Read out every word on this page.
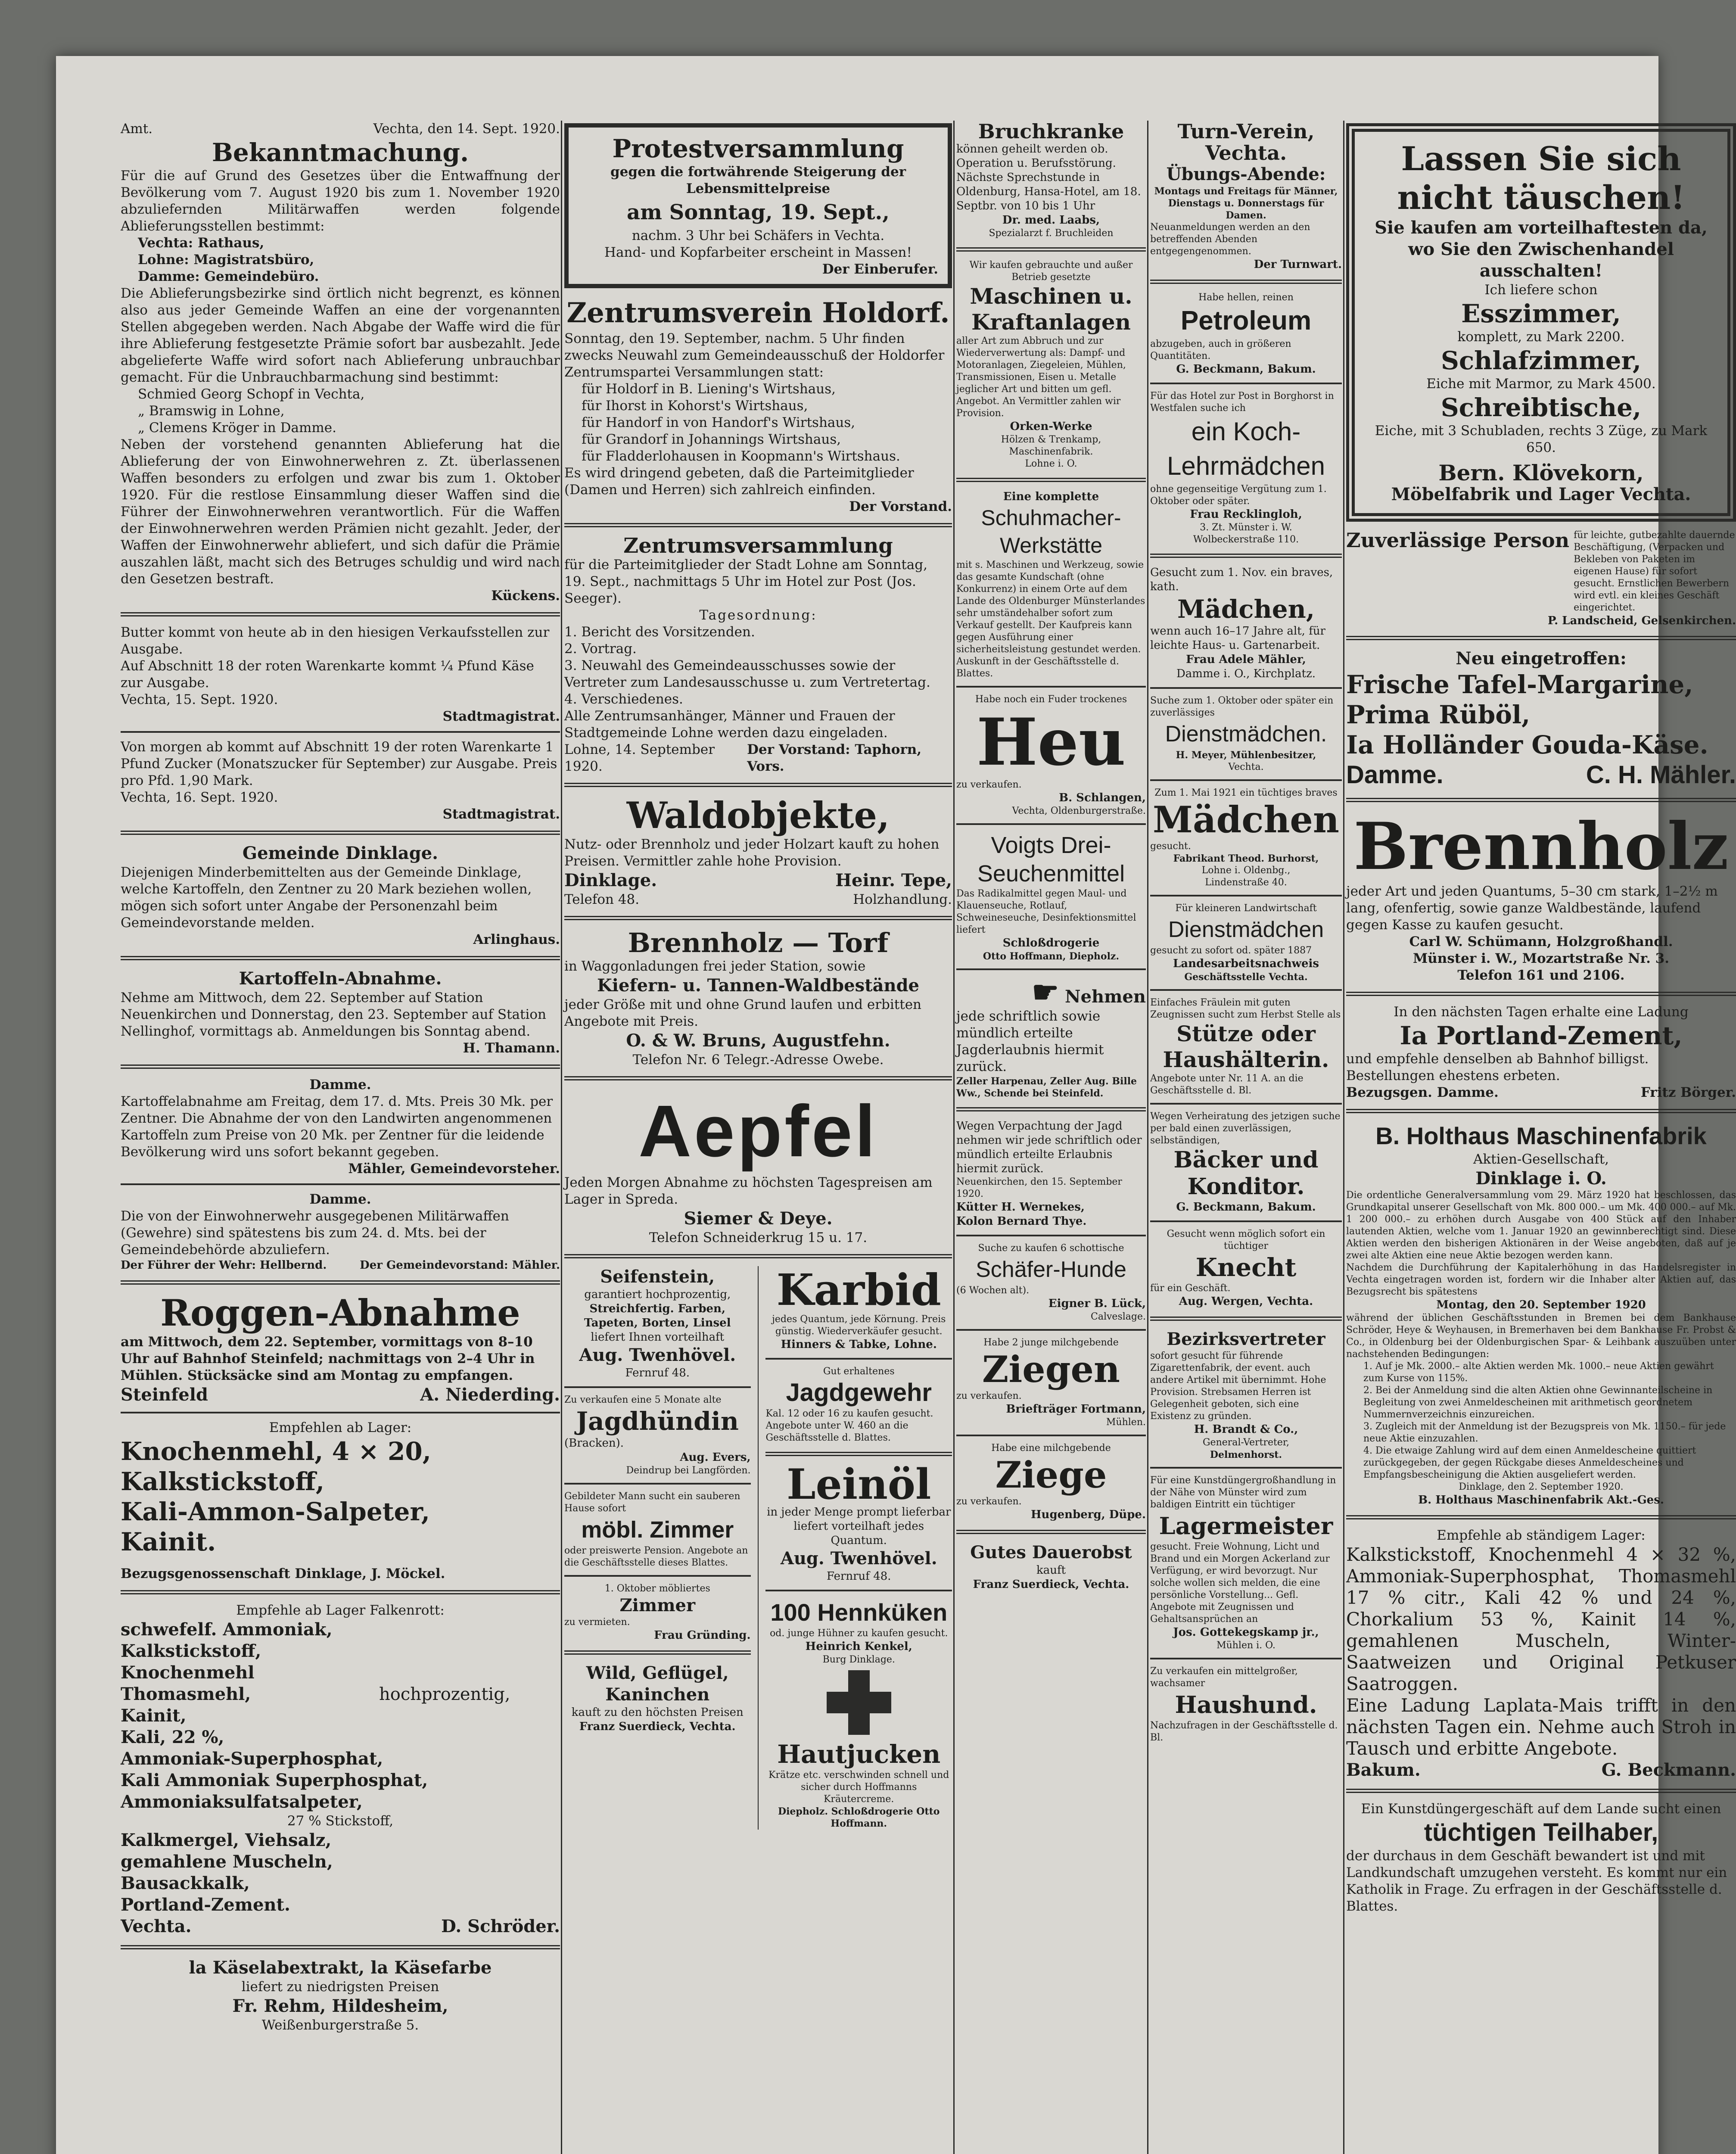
Amt.	Vechta, den 14. Sept. 1920.
Bekanntmachung.
Für die auf Grund des Gesetzes über die Entwaffnung der Bevölkerung vom 7. August 1920 bis zum 1. November 1920 abzuliefernden Militärwaffen werden folgende Ablieferungsstellen bestimmt:
Vechta: Rathaus,
Lohne: Magistratsbüro,
Damme: Gemeindebüro.
Die Ablieferungsbezirke sind örtlich nicht begrenzt, es können also aus jeder Gemeinde Waffen an eine der vorgenannten Stellen abgegeben werden. Nach Abgabe der Waffe wird die für ihre Ablieferung festgesetzte Prämie sofort bar ausbezahlt. Jede abgelieferte Waffe wird sofort nach Ablieferung unbrauchbar gemacht. Für die Unbrauchbarmachung sind bestimmt:
Schmied Georg Schopf in Vechta,
„ Bramswig in Lohne,
„ Clemens Kröger in Damme.
Neben der vorstehend genannten Ablieferung hat die Ablieferung der von Einwohnerwehren z. Zt. überlassenen Waffen besonders zu erfolgen und zwar bis zum 1. Oktober 1920. Für die restlose Einsammlung dieser Waffen sind die Führer der Einwohnerwehren verantwortlich. Für die Waffen der Einwohnerwehren werden Prämien nicht gezahlt. Jeder, der Waffen der Einwohnerwehr abliefert, und sich dafür die Prämie auszahlen läßt, macht sich des Betruges schuldig und wird nach den Gesetzen bestraft.
Kückens.
Butter kommt von heute ab in den hiesigen Verkaufsstellen zur Ausgabe.
Auf Abschnitt 18 der roten Warenkarte kommt ¼ Pfund Käse zur Ausgabe.
Vechta, 15. Sept. 1920.
Stadtmagistrat.
Von morgen ab kommt auf Abschnitt 19 der roten Warenkarte 1 Pfund Zucker (Monatszucker für September) zur Ausgabe. Preis pro Pfd. 1,90 Mark.
Vechta, 16. Sept. 1920.
Stadtmagistrat.
Gemeinde Dinklage.
Diejenigen Minderbemittelten aus der Gemeinde Dinklage, welche Kartoffeln, den Zentner zu 20 Mark beziehen wollen, mögen sich sofort unter Angabe der Personenzahl beim Gemeindevorstande melden.
Arlinghaus.
Kartoffeln-Abnahme.
Nehme am Mittwoch, dem 22. September auf Station Neuenkirchen und Donnerstag, den 23. September auf Station Nellinghof, vormittags ab. Anmeldungen bis Sonntag abend.
H. Thamann.
Damme.
Kartoffelabnahme am Freitag, dem 17. d. Mts. Preis 30 Mk. per Zentner. Die Abnahme der von den Landwirten angenommenen Kartoffeln zum Preise von 20 Mk. per Zentner für die leidende Bevölkerung wird uns sofort bekannt gegeben.
Mähler, Gemeindevorsteher.
Damme.
Die von der Einwohnerwehr ausgegebenen Militärwaffen (Gewehre) sind spätestens bis zum 24. d. Mts. bei der Gemeindebehörde abzuliefern.
Der Führer der Wehr: Hellbernd.	Der Gemeindevorstand: Mähler.
Roggen-Abnahme
am Mittwoch, dem 22. September, vormittags von 8–10 Uhr auf Bahnhof Steinfeld; nachmittags von 2–4 Uhr in Mühlen. Stücksäcke sind am Montag zu empfangen.
Steinfeld	A. Niederding.
Empfehlen ab Lager:
Knochenmehl, 4 × 20,
Kalkstickstoff,
Kali-Ammon-Salpeter,
Kainit.
Bezugsgenossenschaft Dinklage, J. Möckel.
Empfehle ab Lager Falkenrott:
schwefelf. Ammoniak,
Kalkstickstoff,
Knochenmehl
Thomasmehl,
Kainit,
Kali, 22 %,
Ammoniak-Superphosphat,
Kali Ammoniak Superphosphat,
Ammoniaksulfatsalpeter,
27 % Stickstoff,
Kalkmergel, Viehsalz,
gemahlene Muscheln,
Bausackkalk,
Portland-Zement.
hochprozentig,
Vechta.	D. Schröder.
la Käselabextrakt, la Käsefarbe
liefert zu niedrigsten Preisen
Fr. Rehm, Hildesheim,
Weißenburgerstraße 5.
Protestversammlung
gegen die fortwährende Steigerung der Lebensmittelpreise
am Sonntag, 19. Sept.,
nachm. 3 Uhr bei Schäfers in Vechta.
Hand- und Kopfarbeiter erscheint in Massen!
Der Einberufer.
Zentrumsverein Holdorf.
Sonntag, den 19. September, nachm. 5 Uhr finden zwecks Neuwahl zum Gemeindeausschuß der Holdorfer Zentrumspartei Versammlungen statt:
für Holdorf in B. Liening's Wirtshaus,
für Ihorst in Kohorst's Wirtshaus,
für Handorf in von Handorf's Wirtshaus,
für Grandorf in Johannings Wirtshaus,
für Fladderlohausen in Koopmann's Wirtshaus.
Es wird dringend gebeten, daß die Parteimitglieder (Damen und Herren) sich zahlreich einfinden.
Der Vorstand.
Zentrumsversammlung
für die Parteimitglieder der Stadt Lohne am Sonntag, 19. Sept., nachmittags 5 Uhr im Hotel zur Post (Jos. Seeger).
Tagesordnung:
1. Bericht des Vorsitzenden.
2. Vortrag.
3. Neuwahl des Gemeindeausschusses sowie der Vertreter zum Landesausschusse u. zum Vertretertag.
4. Verschiedenes.
Alle Zentrumsanhänger, Männer und Frauen der Stadtgemeinde Lohne werden dazu eingeladen.
Lohne, 14. September 1920.
Der Vorstand: Taphorn, Vors.
Waldobjekte,
Nutz- oder Brennholz und jeder Holzart kauft zu hohen Preisen. Vermittler zahle hohe Provision.
Dinklage.	Heinr. Tepe,
Telefon 48.	Holzhandlung.
Brennholz — Torf
in Waggonladungen frei jeder Station, sowie
Kiefern- u. Tannen-Waldbestände
jeder Größe mit und ohne Grund laufen und erbitten Angebote mit Preis.
O. & W. Bruns, Augustfehn.
Telefon Nr. 6 Telegr.-Adresse Owebe.
Aepfel
Jeden Morgen Abnahme zu höchsten Tagespreisen am Lager in Spreda.
Siemer & Deye.
Telefon Schneiderkrug 15 u. 17.
Seifenstein,
garantiert hochprozentig,
Streichfertig. Farben, Tapeten, Borten, Linsel
liefert Ihnen vorteilhaft
Aug. Twenhövel.
Fernruf 48.
Zu verkaufen eine 5 Monate alte
Jagdhündin
(Bracken).
Aug. Evers,
Deindrup bei Langförden.
Gebildeter Mann sucht ein sauberen Hause sofort
möbl. Zimmer
oder preiswerte Pension. Angebote an die Geschäftsstelle dieses Blattes.
1. Oktober möbliertes
Zimmer
zu vermieten.
Frau Gründing.
Wild, Geflügel, Kaninchen
kauft zu den höchsten Preisen
Franz Suerdieck, Vechta.
Karbid
jedes Quantum, jede Körnung. Preis günstig. Wiederverkäufer gesucht.
Hinners & Tabke, Lohne.
Gut erhaltenes
Jagdgewehr
Kal. 12 oder 16 zu kaufen gesucht. Angebote unter W. 460 an die Geschäftsstelle d. Blattes.
Leinöl
in jeder Menge prompt lieferbar liefert vorteilhaft jedes Quantum.
Aug. Twenhövel.
Fernruf 48.
100 Hennküken
od. junge Hühner zu kaufen gesucht.
Heinrich Kenkel,
Burg Dinklage.
Hautjucken
Krätze etc. verschwinden schnell und sicher durch Hoffmanns Kräutercreme.
Diepholz. Schloßdrogerie Otto Hoffmann.
Bruchkranke
können geheilt werden ob. Operation u. Berufsstörung. Nächste Sprechstunde in Oldenburg, Hansa-Hotel, am 18. Septbr. von 10 bis 1 Uhr
Dr. med. Laabs,
Spezialarzt f. Bruchleiden
Wir kaufen gebrauchte und außer Betrieb gesetzte
Maschinen u. Kraftanlagen
aller Art zum Abbruch und zur Wiederverwertung als: Dampf- und Motoranlagen, Ziegeleien, Mühlen, Transmissionen, Eisen u. Metalle jeglicher Art und bitten um gefl. Angebot. An Vermittler zahlen wir Provision.
Orken-Werke
Hölzen & Trenkamp,
Maschinenfabrik.
Lohne i. O.
Eine komplette
Schuhmacher-Werkstätte
mit s. Maschinen und Werkzeug, sowie das gesamte Kundschaft (ohne Konkurrenz) in einem Orte auf dem Lande des Oldenburger Münsterlandes sehr umständehalber sofort zum Verkauf gestellt. Der Kaufpreis kann gegen Ausführung einer sicherheitsleistung gestundet werden. Auskunft in der Geschäftsstelle d. Blattes.
Habe noch ein Fuder trockenes
Heu
zu verkaufen.
B. Schlangen,
Vechta, Oldenburgerstraße.
Voigts Drei-Seuchenmittel
Das Radikalmittel gegen Maul- und Klauenseuche, Rotlauf, Schweineseuche, Desinfektionsmittel liefert
Schloßdrogerie
Otto Hoffmann, Diepholz.
☛ Nehmen
jede schriftlich sowie mündlich erteilte Jagderlaubnis hiermit zurück.
Zeller Harpenau, Zeller Aug. Bille Ww., Schende bei Steinfeld.
Wegen Verpachtung der Jagd nehmen wir jede schriftlich oder mündlich erteilte Erlaubnis hiermit zurück.
Neuenkirchen, den 15. September 1920.
Kütter H. Wernekes,
Kolon Bernard Thye.
Suche zu kaufen 6 schottische
Schäfer-Hunde
(6 Wochen alt).
Eigner B. Lück,
Calveslage.
Habe 2 junge milchgebende
Ziegen
zu verkaufen.
Briefträger Fortmann,
Mühlen.
Habe eine milchgebende
Ziege
zu verkaufen.
Hugenberg, Düpe.
Gutes Dauerobst
kauft
Franz Suerdieck, Vechta.
Turn-Verein, Vechta.
Übungs-Abende:
Montags und Freitags für Männer, Dienstags u. Donnerstags für Damen.
Neuanmeldungen werden an den betreffenden Abenden entgegengenommen.
Der Turnwart.
Habe hellen, reinen
Petroleum
abzugeben, auch in größeren Quantitäten.
G. Beckmann, Bakum.
Für das Hotel zur Post in Borghorst in Westfalen suche ich
ein Koch-Lehrmädchen
ohne gegenseitige Vergütung zum 1. Oktober oder später.
Frau Recklingloh,
3. Zt. Münster i. W.
Wolbeckerstraße 110.
Gesucht zum 1. Nov. ein braves, kath.
Mädchen,
wenn auch 16–17 Jahre alt, für leichte Haus- u. Gartenarbeit.
Frau Adele Mähler,
Damme i. O., Kirchplatz.
Suche zum 1. Oktober oder später ein zuverlässiges
Dienstmädchen.
H. Meyer, Mühlenbesitzer,
Vechta.
Zum 1. Mai 1921 ein tüchtiges braves
Mädchen
gesucht.
Fabrikant Theod. Burhorst,
Lohne i. Oldenbg.,
Lindenstraße 40.
Für kleineren Landwirtschaft
Dienstmädchen
gesucht zu sofort od. später 1887
Landesarbeitsnachweis
Geschäftsstelle Vechta.
Einfaches Fräulein mit guten Zeugnissen sucht zum Herbst Stelle als
Stütze oder Haushälterin.
Angebote unter Nr. 11 A. an die Geschäftsstelle d. Bl.
Wegen Verheiratung des jetzigen suche per bald einen zuverlässigen, selbständigen,
Bäcker und Konditor.
G. Beckmann, Bakum.
Gesucht wenn möglich sofort ein tüchtiger
Knecht
für ein Geschäft.
Aug. Wergen, Vechta.
Bezirksvertreter
sofort gesucht für führende Zigarettenfabrik, der event. auch andere Artikel mit übernimmt. Hohe Provision. Strebsamen Herren ist Gelegenheit geboten, sich eine Existenz zu gründen.
H. Brandt & Co.,
General-Vertreter,
Delmenhorst.
Für eine Kunstdüngergroßhandlung in der Nähe von Münster wird zum baldigen Eintritt ein tüchtiger
Lagermeister
gesucht. Freie Wohnung, Licht und Brand und ein Morgen Ackerland zur Verfügung, er wird bevorzugt. Nur solche wollen sich melden, die eine persönliche Vorstellung... Gefl. Angebote mit Zeugnissen und Gehaltsansprüchen an
Jos. Gottekegskamp jr.,
Mühlen i. O.
Zu verkaufen ein mittelgroßer, wachsamer
Haushund.
Nachzufragen in der Geschäftsstelle d. Bl.
Lassen Sie sich nicht täuschen!
Sie kaufen am vorteilhaftesten da, wo Sie den Zwischenhandel ausschalten!
Ich liefere schon
Esszimmer,
komplett, zu Mark 2200.
Schlafzimmer,
Eiche mit Marmor, zu Mark 4500.
Schreibtische,
Eiche, mit 3 Schubladen, rechts 3 Züge, zu Mark 650.
Bern. Klövekorn,
Möbelfabrik und Lager Vechta.
Zuverlässige Person für leichte, gutbezahlte dauernde Beschäftigung, (Verpacken und Bekleben von Paketen im eigenen Hause) für sofort gesucht. Ernstlichen Bewerbern wird evtl. ein kleines Geschäft eingerichtet.
P. Landscheid, Gelsenkirchen.
Neu eingetroffen:
Frische Tafel-Margarine,
Prima Rüböl,
Ia Holländer Gouda-Käse.
Damme.	C. H. Mähler.
Brennholz
jeder Art und jeden Quantums, 5–30 cm stark, 1–2½ m lang, ofenfertig, sowie ganze Waldbestände, laufend gegen Kasse zu kaufen gesucht.
Carl W. Schümann, Holzgroßhandl.
Münster i. W., Mozartstraße Nr. 3.
Telefon 161 und 2106.
In den nächsten Tagen erhalte eine Ladung
Ia Portland-Zement,
und empfehle denselben ab Bahnhof billigst. Bestellungen ehestens erbeten.
Bezugsgen. Damme.	Fritz Börger.
B. Holthaus Maschinenfabrik
Aktien-Gesellschaft,
Dinklage i. O.
Die ordentliche Generalversammlung vom 29. März 1920 hat beschlossen, das Grundkapital unserer Gesellschaft von Mk. 800 000.– um Mk. 400 000.– auf Mk. 1 200 000.– zu erhöhen durch Ausgabe von 400 Stück auf den Inhaber lautenden Aktien, welche vom 1. Januar 1920 an gewinnberechtigt sind. Diese Aktien werden den bisherigen Aktionären in der Weise angeboten, daß auf je zwei alte Aktien eine neue Aktie bezogen werden kann.
Nachdem die Durchführung der Kapitalerhöhung in das Handelsregister in Vechta eingetragen worden ist, fordern wir die Inhaber alter Aktien auf, das Bezugsrecht bis spätestens
Montag, den 20. September 1920
während der üblichen Geschäftsstunden in Bremen bei dem Bankhause Schröder, Heye & Weyhausen, in Bremerhaven bei dem Bankhause Fr. Probst & Co., in Oldenburg bei der Oldenburgischen Spar- & Leihbank auszuüben unter nachstehenden Bedingungen:
1. Auf je Mk. 2000.– alte Aktien werden Mk. 1000.– neue Aktien gewährt zum Kurse von 115%.
2. Bei der Anmeldung sind die alten Aktien ohne Gewinnanteilscheine in Begleitung von zwei Anmeldescheinen mit arithmetisch geordnetem Nummernverzeichnis einzureichen.
3. Zugleich mit der Anmeldung ist der Bezugspreis von Mk. 1150.– für jede neue Aktie einzuzahlen.
4. Die etwaige Zahlung wird auf dem einen Anmeldescheine quittiert zurückgegeben, der gegen Rückgabe dieses Anmeldescheines und Empfangsbescheinigung die Aktien ausgeliefert werden.
Dinklage, den 2. September 1920.
B. Holthaus Maschinenfabrik Akt.-Ges.
Empfehle ab ständigem Lager:
Kalkstickstoff, Knochenmehl 4 × 32 %, Ammoniak-Superphosphat, Thomasmehl 17 % citr., Kali 42 % und 24 %, Chorkalium 53 %, Kainit 14 %, gemahlenen Muscheln, Winter-Saatweizen und Original Petkuser Saatroggen.
Eine Ladung Laplata-Mais trifft in den nächsten Tagen ein. Nehme auch Stroh in Tausch und erbitte Angebote.
Bakum.	G. Beckmann.
Ein Kunstdüngergeschäft auf dem Lande sucht einen
tüchtigen Teilhaber,
der durchaus in dem Geschäft bewandert ist und mit Landkundschaft umzugehen versteht. Es kommt nur ein Katholik in Frage. Zu erfragen in der Geschäftsstelle d. Blattes.
